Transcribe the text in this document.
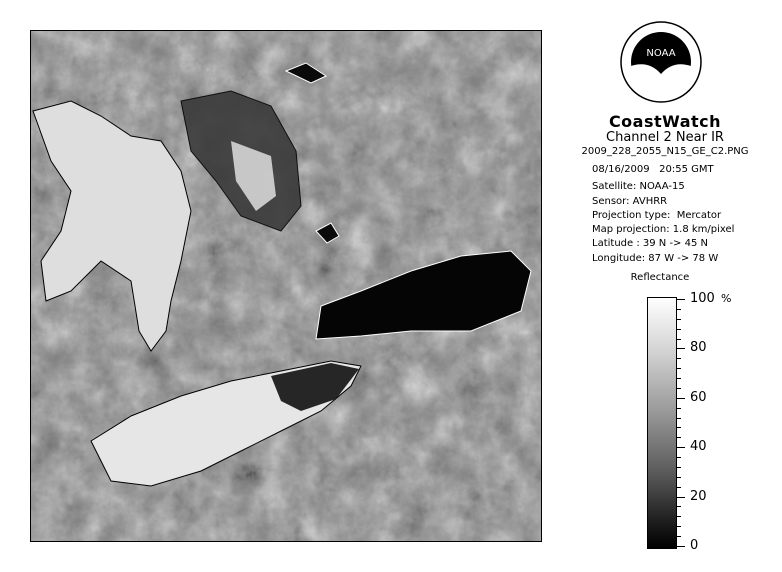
NOAA
CoastWatch
Channel 2 Near IR
2009_228_2055_N15_GE_C2.PNG
08/16/2009   20:55 GMT
Satellite: NOAA-15
Sensor: AVHRR
Projection type:  Mercator
Map projection: 1.8 km/pixel
Latitude : 39 N -> 45 N
Longitude: 87 W -> 78 W
Reflectance
%
100
80
60
40
20
0
